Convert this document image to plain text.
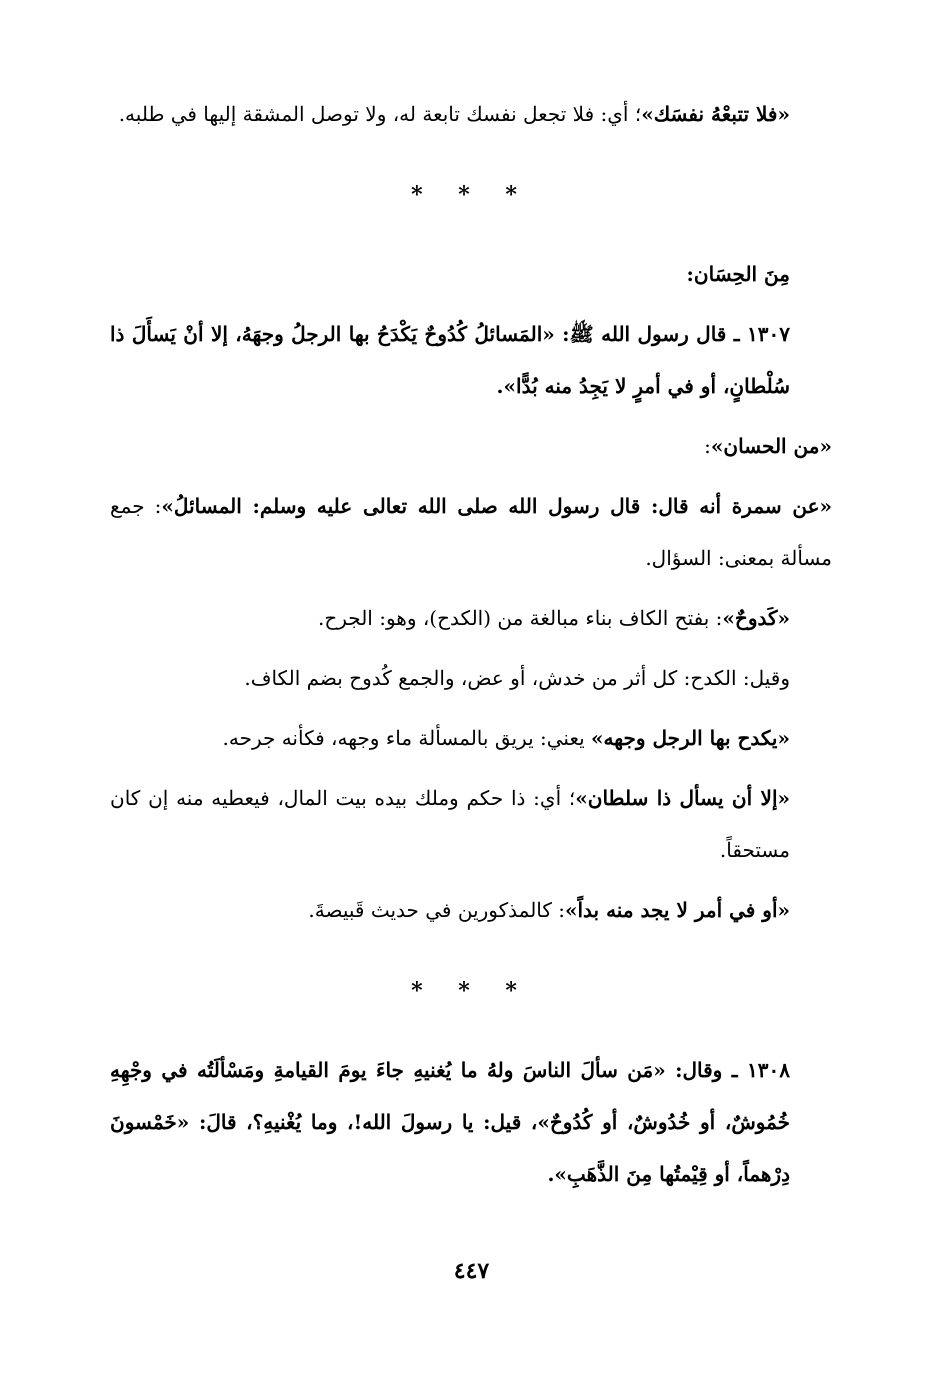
«فلا تتبعْهُ نفسَك»؛ أي: فلا تجعل نفسك تابعة له، ولا توصل المشقة إليها في طلبه.

* * *

مِنَ الحِسَان:

١٣٠٧ ـ قال رسول الله ﷺ: «المَسائلُ كُدُوحٌ يَكْدَحُ بها الرجلُ وجهَهُ، إلا أنْ يَسأَلَ ذا سُلْطانٍ، أو في أمرٍ لا يَجِدُ منه بُدًّا».

«من الحسان»:

«عن سمرة أنه قال: قال رسول الله صلى الله تعالى عليه وسلم: المسائلُ»: جمع مسألة بمعنى: السؤال.

«كَدوحٌ»: بفتح الكاف بناء مبالغة من (الكدح)، وهو: الجرح.

وقيل: الكدح: كل أثر من خدش، أو عض، والجمع كُدوح بضم الكاف.

«يكدح بها الرجل وجهه» يعني: يريق بالمسألة ماء وجهه، فكأنه جرحه.

«إلا أن يسأل ذا سلطان»؛ أي: ذا حكم وملك بيده بيت المال، فيعطيه منه إن كان مستحقاً.

«أو في أمر لا يجد منه بداً»: كالمذكورين في حديث قَبيصةَ.

* * *

١٣٠٨ ـ وقال: «مَن سألَ الناسَ ولهُ ما يُغنيهِ جاءَ يومَ القيامةِ ومَسْألَتُه في وجْهِهِ خُمُوشٌ، أو خُدُوشٌ، أو كُدُوحٌ»، قيل: يا رسولَ الله!، وما يُغْنيهِ؟، قالَ: «خَمْسونَ دِرْهماً، أو قِيْمتُها مِنَ الذَّهَبِ».

٤٤٧
